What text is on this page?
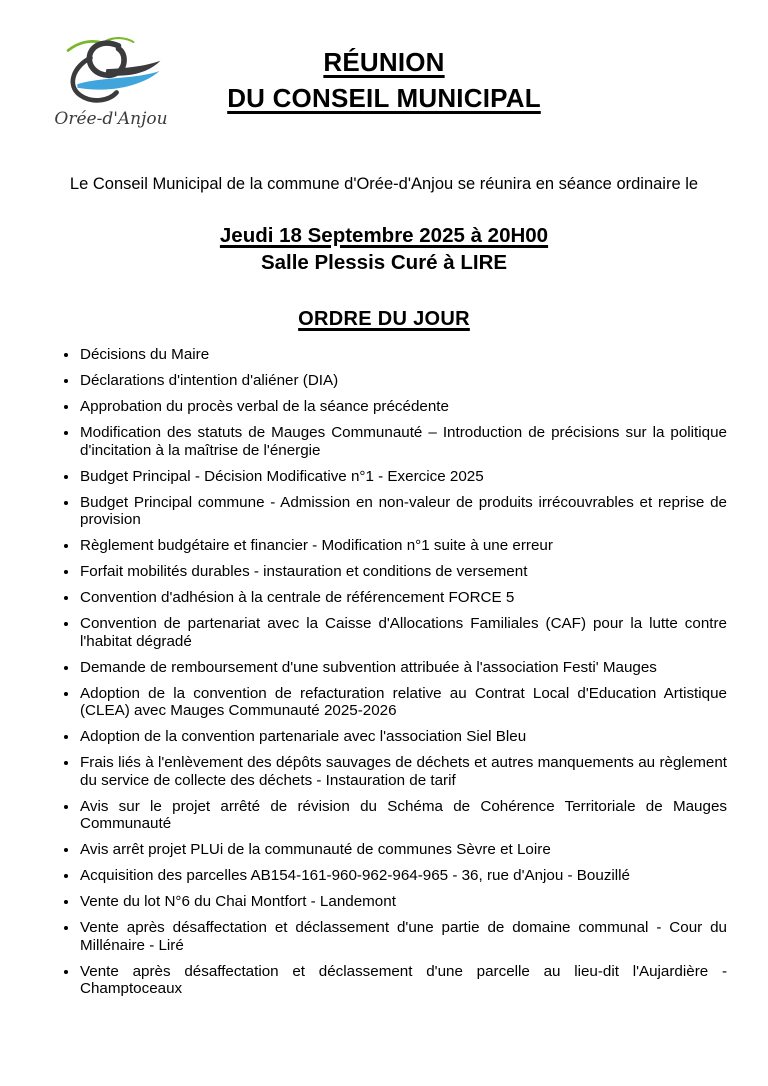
Orée-d'Anjou
RÉUNION
DU CONSEIL MUNICIPAL

Le Conseil Municipal de la commune d'Orée-d'Anjou se réunira en séance ordinaire le

Jeudi 18 Septembre 2025 à 20H00
Salle Plessis Curé à LIRE
ORDRE DU JOUR
• Décisions du Maire
• Déclarations d'intention d'aliéner (DIA)
• Approbation du procès verbal de la séance précédente
• Modification des statuts de Mauges Communauté – Introduction de précisions sur la politique d'incitation à la maîtrise de l'énergie
• Budget Principal - Décision Modificative n°1 - Exercice 2025
• Budget Principal commune - Admission en non-valeur de produits irrécouvrables et reprise de provision
• Règlement budgétaire et financier - Modification n°1 suite à une erreur
• Forfait mobilités durables - instauration et conditions de versement
• Convention d'adhésion à la centrale de référencement FORCE 5
• Convention de partenariat avec la Caisse d'Allocations Familiales (CAF) pour la lutte contre l'habitat dégradé
• Demande de remboursement d'une subvention attribuée à l'association Festi' Mauges
• Adoption de la convention de refacturation relative au Contrat Local d'Education Artistique (CLEA) avec Mauges Communauté 2025-2026
• Adoption de la convention partenariale avec l'association Siel Bleu
• Frais liés à l'enlèvement des dépôts sauvages de déchets et autres manquements au règlement du service de collecte des déchets - Instauration de tarif
• Avis sur le projet arrêté de révision du Schéma de Cohérence Territoriale de Mauges Communauté
• Avis arrêt projet PLUi de la communauté de communes Sèvre et Loire
• Acquisition des parcelles AB154-161-960-962-964-965 - 36, rue d'Anjou - Bouzillé
• Vente du lot N°6 du Chai Montfort - Landemont
• Vente après désaffectation et déclassement d'une partie de domaine communal - Cour du Millénaire - Liré
• Vente après désaffectation et déclassement d'une parcelle au lieu-dit l'Aujardière - Champtoceaux
